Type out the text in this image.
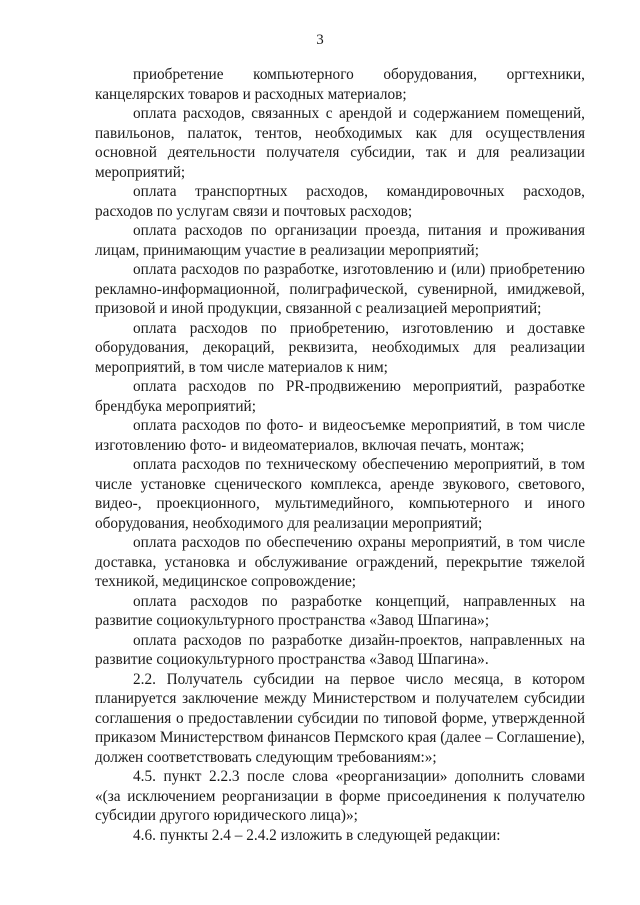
3

приобретение компьютерного оборудования, оргтехники, канцелярских товаров и расходных материалов;

оплата расходов, связанных с арендой и содержанием помещений, павильонов, палаток, тентов, необходимых как для осуществления основной деятельности получателя субсидии, так и для реализации мероприятий;

оплата транспортных расходов, командировочных расходов, расходов по услугам связи и почтовых расходов;

оплата расходов по организации проезда, питания и проживания лицам, принимающим участие в реализации мероприятий;

оплата расходов по разработке, изготовлению и (или) приобретению рекламно-информационной, полиграфической, сувенирной, имиджевой, призовой и иной продукции, связанной с реализацией мероприятий;

оплата расходов по приобретению, изготовлению и доставке оборудования, декораций, реквизита, необходимых для реализации мероприятий, в том числе материалов к ним;

оплата расходов по PR-продвижению мероприятий, разработке брендбука мероприятий;

оплата расходов по фото- и видеосъемке мероприятий, в том числе изготовлению фото- и видеоматериалов, включая печать, монтаж;

оплата расходов по техническому обеспечению мероприятий, в том числе установке сценического комплекса, аренде звукового, светового, видео-, проекционного, мультимедийного, компьютерного и иного оборудования, необходимого для реализации мероприятий;

оплата расходов по обеспечению охраны мероприятий, в том числе доставка, установка и обслуживание ограждений, перекрытие тяжелой техникой, медицинское сопровождение;

оплата расходов по разработке концепций, направленных на развитие социокультурного пространства «Завод Шпагина»;

оплата расходов по разработке дизайн-проектов, направленных на развитие социокультурного пространства «Завод Шпагина».

2.2. Получатель субсидии на первое число месяца, в котором планируется заключение между Министерством и получателем субсидии соглашения о предоставлении субсидии по типовой форме, утвержденной приказом Министерством финансов Пермского края (далее – Соглашение), должен соответствовать следующим требованиям:»;

4.5. пункт 2.2.3 после слова «реорганизации» дополнить словами «(за исключением реорганизации в форме присоединения к получателю субсидии другого юридического лица)»;

4.6. пункты 2.4 – 2.4.2 изложить в следующей редакции:
